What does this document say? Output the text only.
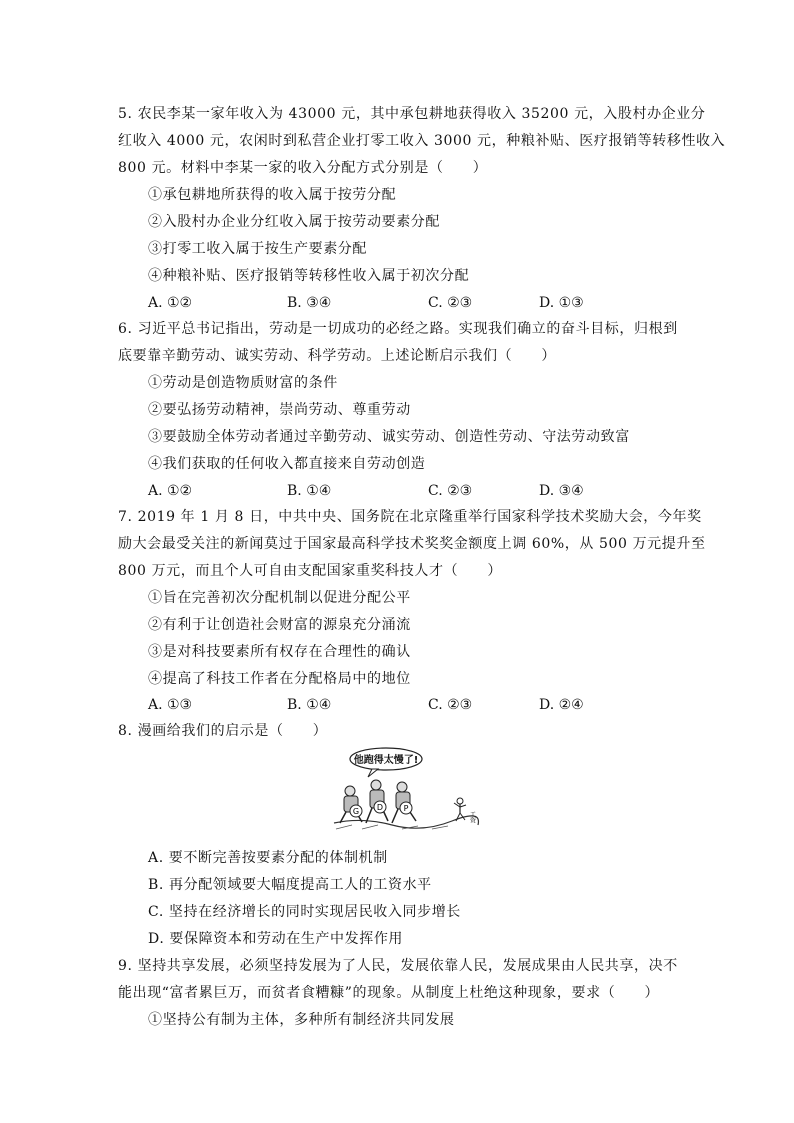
5. 农民李某一家年收入为 43000 元，其中承包耕地获得收入 35200 元，入股村办企业分
红收入 4000 元，农闲时到私营企业打零工收入 3000 元，种粮补贴、医疗报销等转移性收入
800 元。材料中李某一家的收入分配方式分别是（　　）
①承包耕地所获得的收入属于按劳分配
②入股村办企业分红收入属于按劳动要素分配
③打零工收入属于按生产要素分配
④种粮补贴、医疗报销等转移性收入属于初次分配
A. ①②	B. ③④	C. ②③	D. ①③
6. 习近平总书记指出，劳动是一切成功的必经之路。实现我们确立的奋斗目标，归根到
底要靠辛勤劳动、诚实劳动、科学劳动。上述论断启示我们（　　）
①劳动是创造物质财富的条件
②要弘扬劳动精神，崇尚劳动、尊重劳动
③要鼓励全体劳动者通过辛勤劳动、诚实劳动、创造性劳动、守法劳动致富
④我们获取的任何收入都直接来自劳动创造
A. ①②	B. ①④	C. ②③	D. ③④
7. 2019 年 1 月 8 日，中共中央、国务院在北京隆重举行国家科学技术奖励大会，今年奖
励大会最受关注的新闻莫过于国家最高科学技术奖奖金额度上调 60%，从 500 万元提升至
800 万元，而且个人可自由支配国家重奖科技人才（　　）
①旨在完善初次分配机制以促进分配公平
②有利于让创造社会财富的源泉充分涌流
③是对科技要素所有权存在合理性的确认
④提高了科技工作者在分配格局中的地位
A. ①③	B. ①④	C. ②③	D. ②④
8. 漫画给我们的启示是（　　）
他跑得太慢了!
G D	P
工资
A. 要不断完善按要素分配的体制机制
B. 再分配领域要大幅度提高工人的工资水平
C. 坚持在经济增长的同时实现居民收入同步增长
D. 要保障资本和劳动在生产中发挥作用
9. 坚持共享发展，必须坚持发展为了人民，发展依靠人民，发展成果由人民共享，决不
能出现“富者累巨万，而贫者食糟糠”的现象。从制度上杜绝这种现象，要求（　　）
①坚持公有制为主体，多种所有制经济共同发展
